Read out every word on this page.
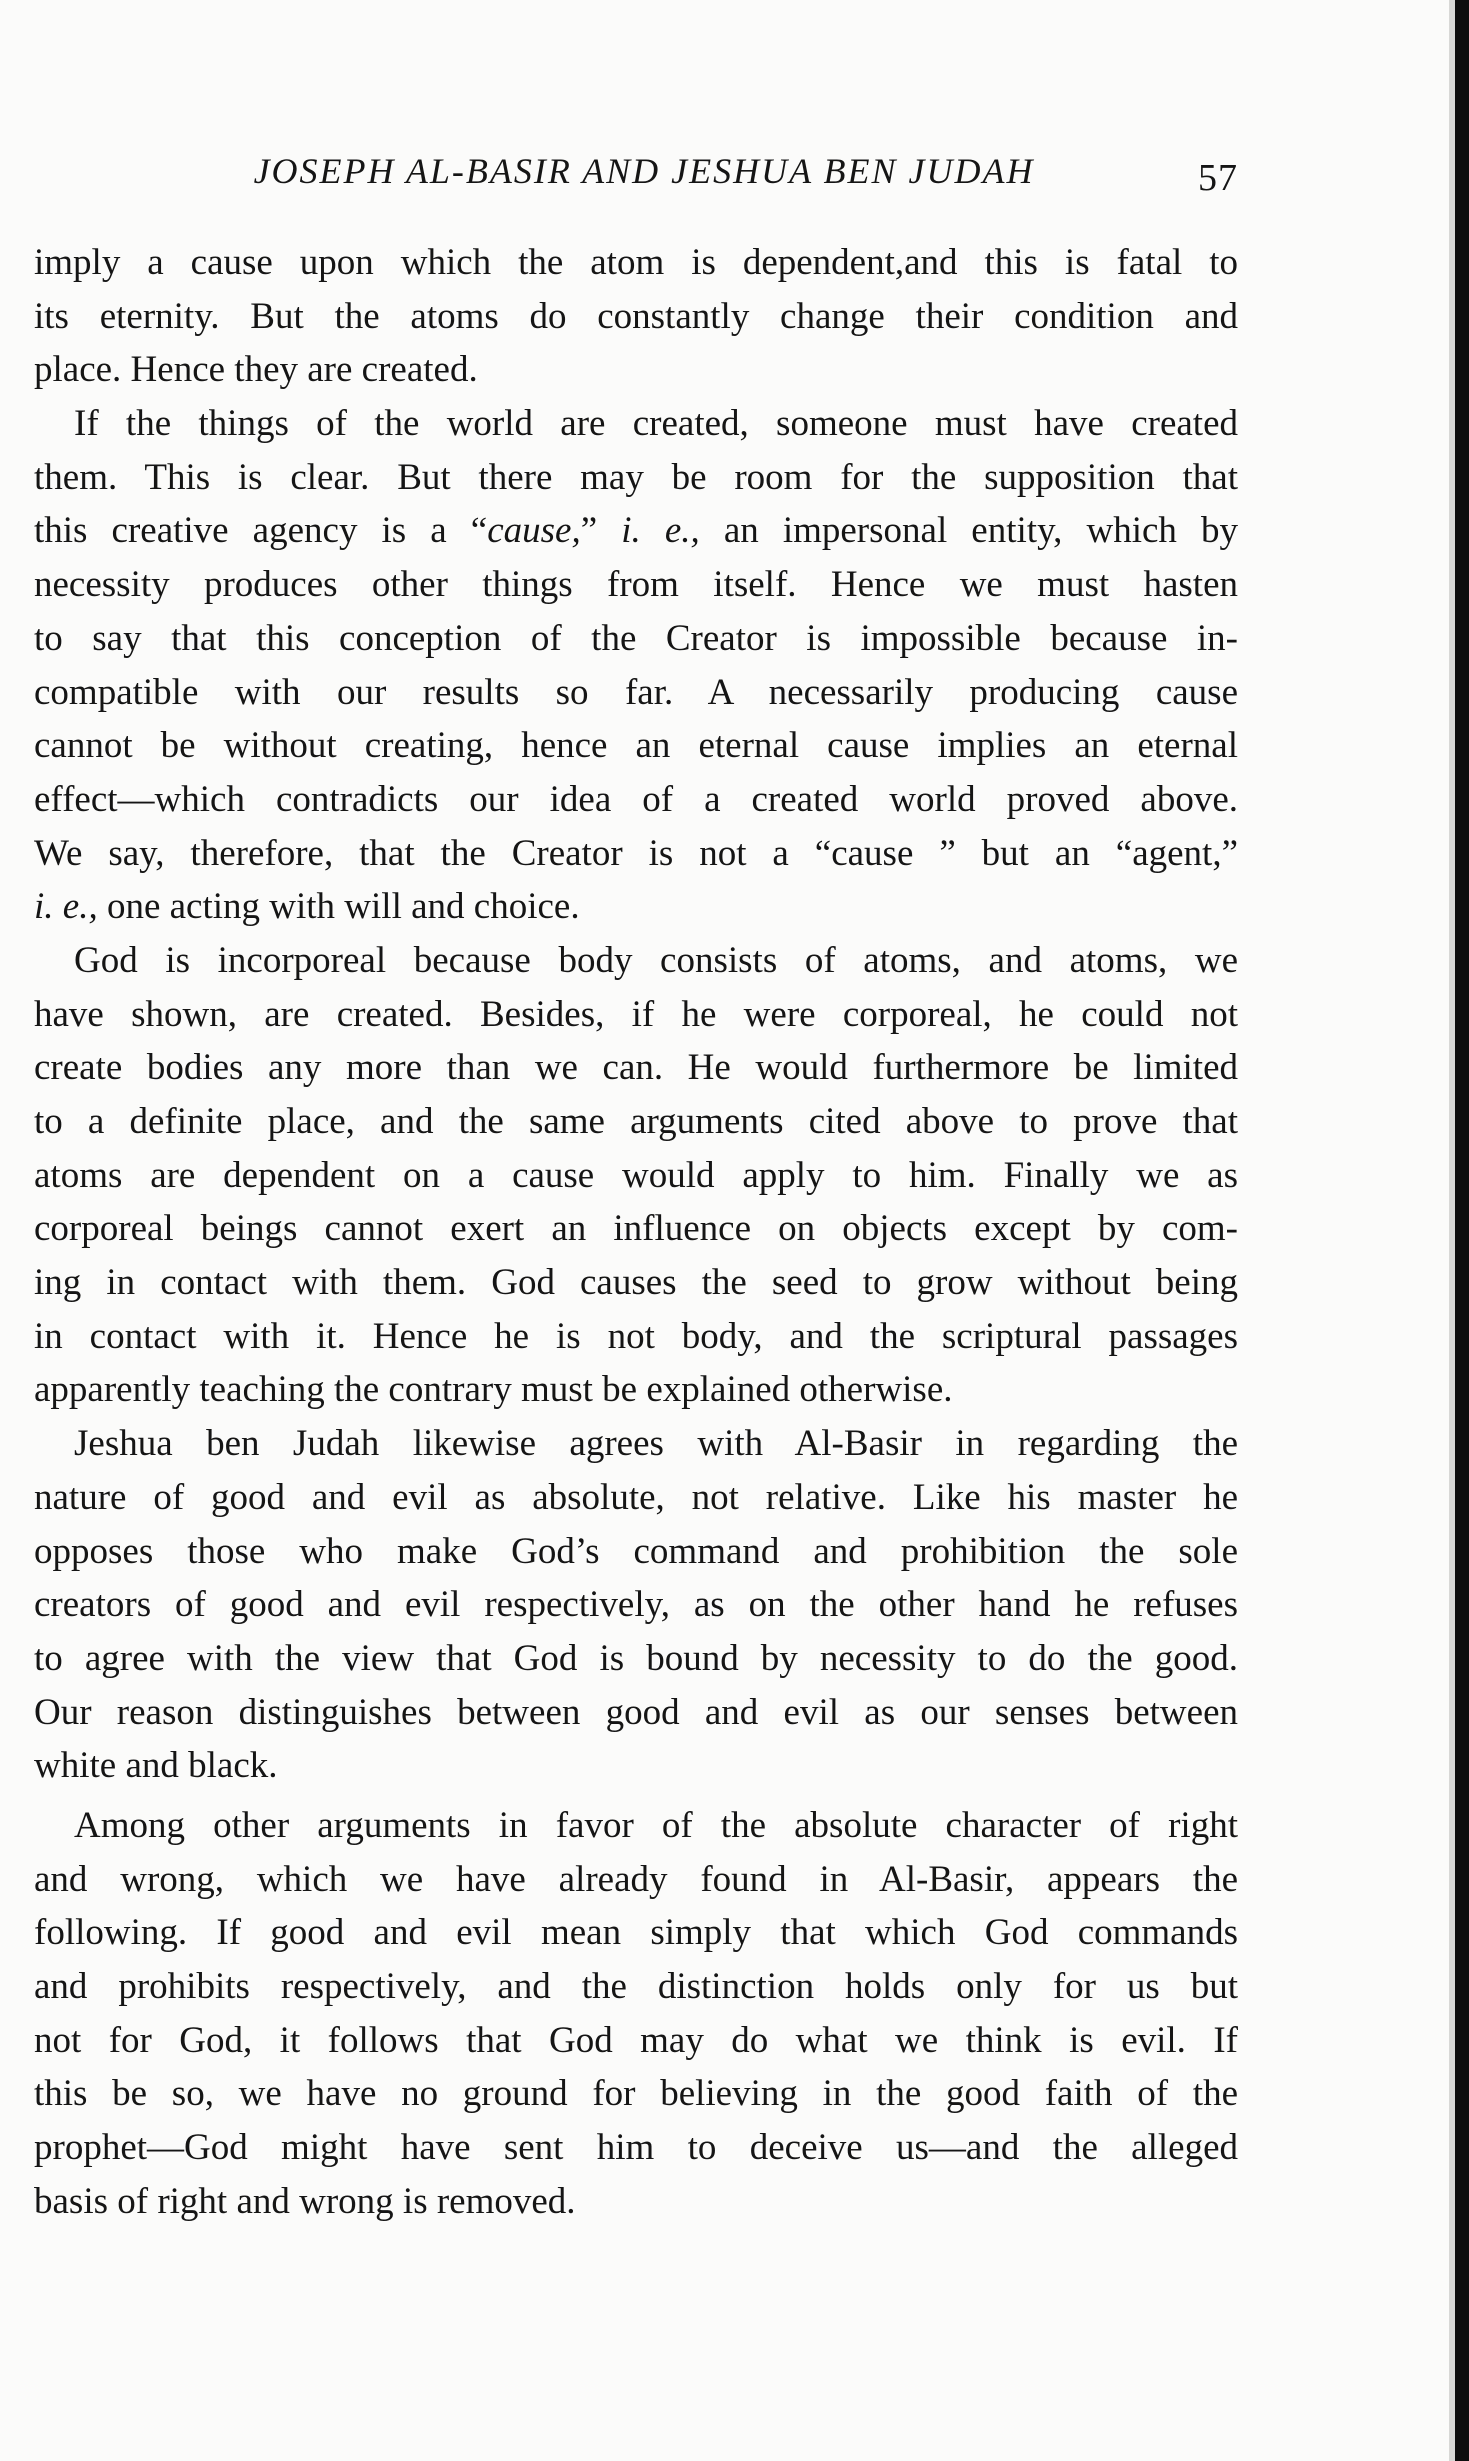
JOSEPH AL-BASIR AND JESHUA BEN JUDAH	57
imply a cause upon which the atom is dependent,and this is fatal to
its eternity. But the atoms do constantly change their condition and
place. Hence they are created.
If the things of the world are created, someone must have created
them. This is clear. But there may be room for the supposition that
this creative agency is a “cause,” i. e., an impersonal entity, which by
necessity produces other things from itself. Hence we must hasten
to say that this conception of the Creator is impossible because in-
compatible with our results so far. A necessarily producing cause
cannot be without creating, hence an eternal cause implies an eternal
effect—which contradicts our idea of a created world proved above.
We say, therefore, that the Creator is not a “cause ” but an “agent,”
i. e., one acting with will and choice.
God is incorporeal because body consists of atoms, and atoms, we
have shown, are created. Besides, if he were corporeal, he could not
create bodies any more than we can. He would furthermore be limited
to a definite place, and the same arguments cited above to prove that
atoms are dependent on a cause would apply to him. Finally we as
corporeal beings cannot exert an influence on objects except by com-
ing in contact with them. God causes the seed to grow without being
in contact with it. Hence he is not body, and the scriptural passages
apparently teaching the contrary must be explained otherwise.
Jeshua ben Judah likewise agrees with Al-Basir in regarding the
nature of good and evil as absolute, not relative. Like his master he
opposes those who make God’s command and prohibition the sole
creators of good and evil respectively, as on the other hand he refuses
to agree with the view that God is bound by necessity to do the good.
Our reason distinguishes between good and evil as our senses between
white and black.
Among other arguments in favor of the absolute character of right
and wrong, which we have already found in Al-Basir, appears the
following. If good and evil mean simply that which God commands
and prohibits respectively, and the distinction holds only for us but
not for God, it follows that God may do what we think is evil. If
this be so, we have no ground for believing in the good faith of the
prophet—God might have sent him to deceive us—and the alleged
basis of right and wrong is removed.
